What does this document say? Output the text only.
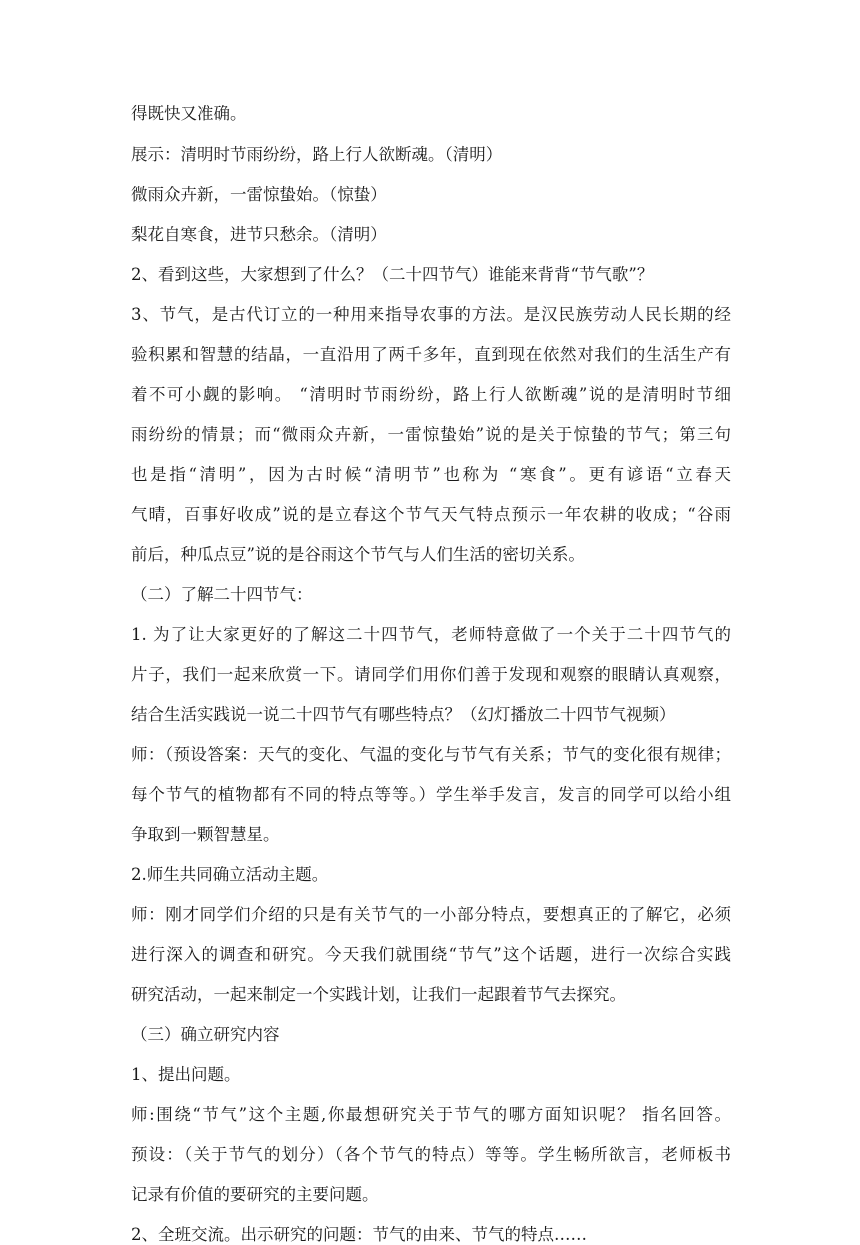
得既快又准确。
展示：清明时节雨纷纷，路上行人欲断魂。（清明）
微雨众卉新，一雷惊蛰始。（惊蛰）
梨花自寒食，进节只愁余。（清明）
2、看到这些，大家想到了什么？（二十四节气）谁能来背背“节气歌”？
3、节气，是古代订立的一种用来指导农事的方法。是汉民族劳动人民长期的经
验积累和智慧的结晶，一直沿用了两千多年，直到现在依然对我们的生活生产有
着不可小觑的影响。 “清明时节雨纷纷，路上行人欲断魂”说的是清明时节细
雨纷纷的情景；而“微雨众卉新，一雷惊蛰始”说的是关于惊蛰的节气；第三句
也是指“清明”，因为古时候“清明节”也称为 “寒食”。更有谚语“立春天
气晴，百事好收成”说的是立春这个节气天气特点预示一年农耕的收成；“谷雨
前后，种瓜点豆”说的是谷雨这个节气与人们生活的密切关系。
（二）了解二十四节气：
1. 为了让大家更好的了解这二十四节气，老师特意做了一个关于二十四节气的
片子，我们一起来欣赏一下。请同学们用你们善于发现和观察的眼睛认真观察，
结合生活实践说一说二十四节气有哪些特点？（幻灯播放二十四节气视频）
师：（预设答案：天气的变化、气温的变化与节气有关系；节气的变化很有规律；
每个节气的植物都有不同的特点等等。）学生举手发言，发言的同学可以给小组
争取到一颗智慧星。
2.师生共同确立活动主题。
师：刚才同学们介绍的只是有关节气的一小部分特点，要想真正的了解它，必须
进行深入的调查和研究。今天我们就围绕“节气”这个话题，进行一次综合实践
研究活动，一起来制定一个实践计划，让我们一起跟着节气去探究。
（三）确立研究内容
1、提出问题。
师:围绕“节气”这个主题,你最想研究关于节气的哪方面知识呢？ 指名回答。
预设：（关于节气的划分）（各个节气的特点）等等。学生畅所欲言，老师板书
记录有价值的要研究的主要问题。
2、全班交流。出示研究的问题：节气的由来、节气的特点……
